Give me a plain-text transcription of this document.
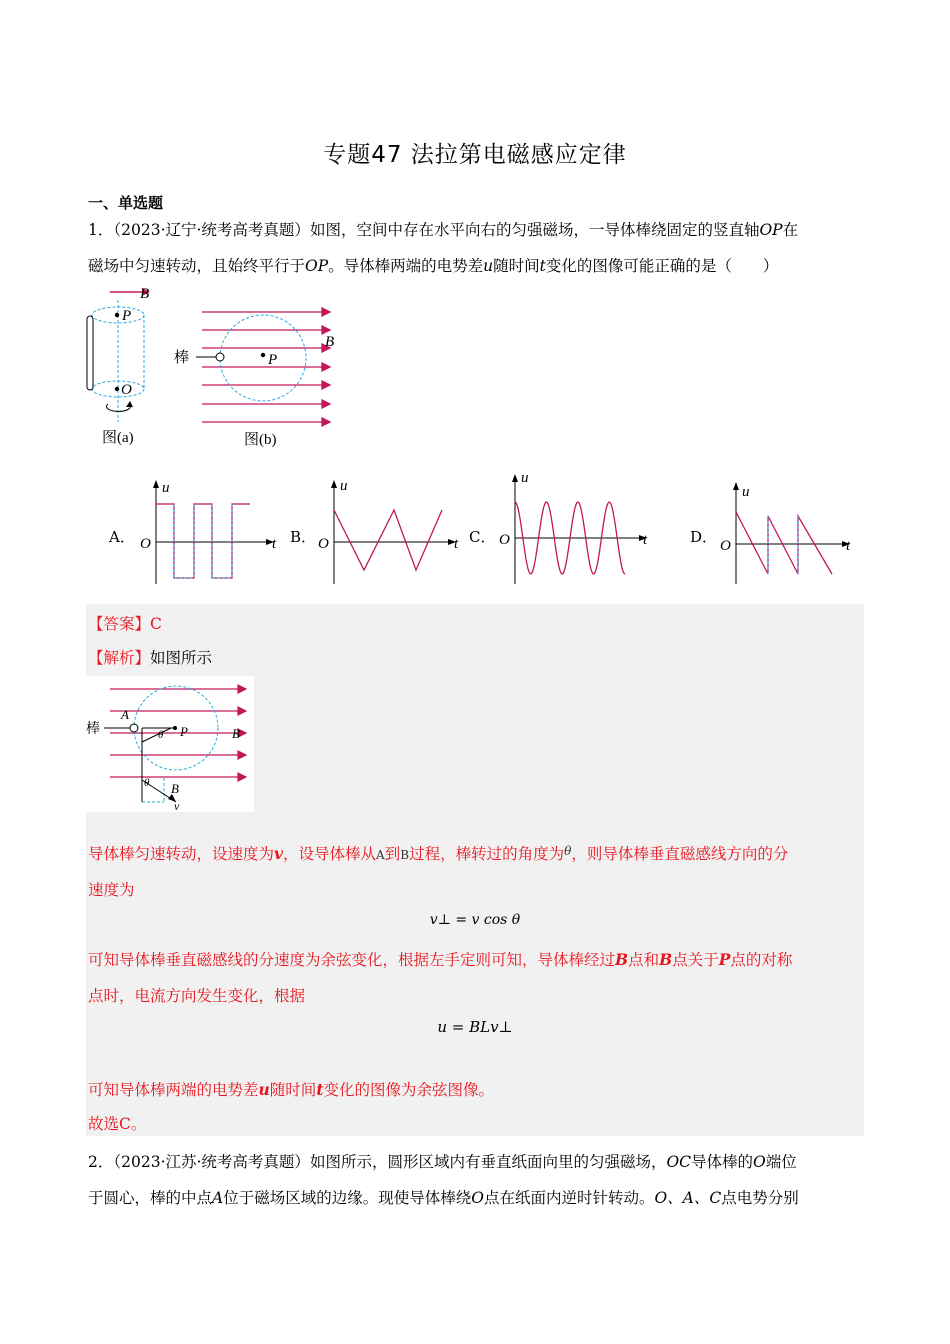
专题47 法拉第电磁感应定律
一、单选题
1．（2023·辽宁·统考高考真题）如图，空间中存在水平向右的匀强磁场，一导体棒绕固定的竖直轴OP在
磁场中匀速转动，且始终平行于OP。导体棒两端的电势差u随时间t变化的图像可能正确的是（　　）
B
P
O
图(a)
P
B
棒
图(b)
A．
u
O	t B．
u
O	t C．
u
O	t	D．
u
O	t
【答案】C
【解析】如图所示
棒
A
P	B
θ
θ B
v
导体棒匀速转动，设速度为v，设导体棒从A到B过程，棒转过的角度为$^\theta$，则导体棒垂直磁感线方向的分
速度为
v⊥ = v cos θ
可知导体棒垂直磁感线的分速度为余弦变化，根据左手定则可知，导体棒经过B点和B点关于P点的对称
点时，电流方向发生变化，根据
u = BLv⊥
可知导体棒两端的电势差u随时间t变化的图像为余弦图像。
故选C。
2．（2023·江苏·统考高考真题）如图所示，圆形区域内有垂直纸面向里的匀强磁场，OC导体棒的O端位
于圆心，棒的中点A位于磁场区域的边缘。现使导体棒绕O点在纸面内逆时针转动。O、A、C点电势分别
